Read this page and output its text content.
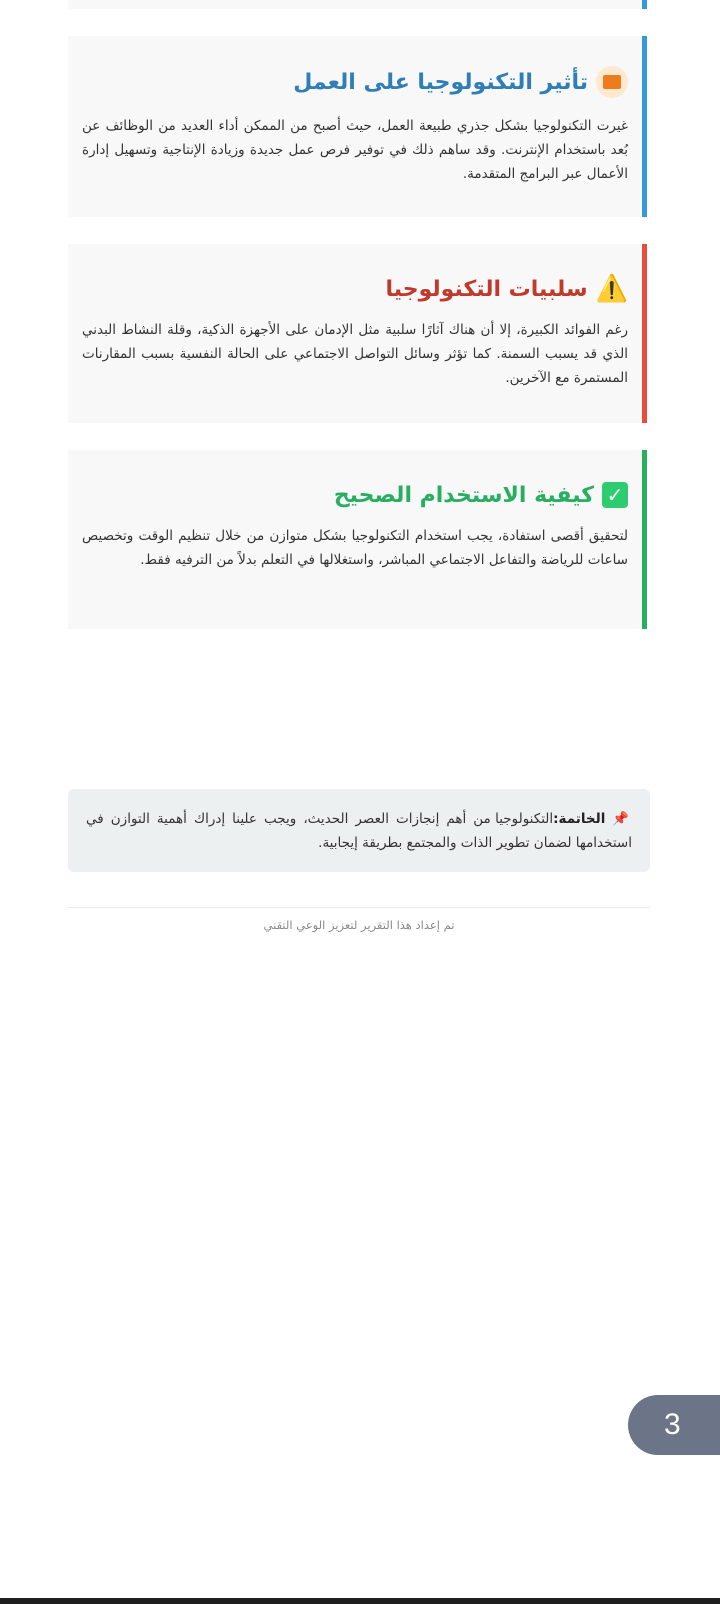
تأثير التكنولوجيا على العمل

غيرت التكنولوجيا بشكل جذري طبيعة العمل، حيث أصبح من الممكن أداء العديد من الوظائف عن بُعد باستخدام الإنترنت. وقد ساهم ذلك في توفير فرص عمل جديدة وزيادة الإنتاجية وتسهيل إدارة الأعمال عبر البرامج المتقدمة.

⚠️
سلبيات التكنولوجيا

رغم الفوائد الكبيرة، إلا أن هناك آثارًا سلبية مثل الإدمان على الأجهزة الذكية، وقلة النشاط البدني الذي قد يسبب السمنة. كما تؤثر وسائل التواصل الاجتماعي على الحالة النفسية بسبب المقارنات المستمرة مع الآخرين.

✓
كيفية الاستخدام الصحيح

لتحقيق أقصى استفادة، يجب استخدام التكنولوجيا بشكل متوازن من خلال تنظيم الوقت وتخصيص ساعات للرياضة والتفاعل الاجتماعي المباشر، واستغلالها في التعلم بدلاً من الترفيه فقط.

📌 الخاتمة:التكنولوجيا من أهم إنجازات العصر الحديث، ويجب علينا إدراك أهمية التوازن في استخدامها لضمان تطوير الذات والمجتمع بطريقة إيجابية.
تم إعداد هذا التقرير لتعزيز الوعي التقني
3
